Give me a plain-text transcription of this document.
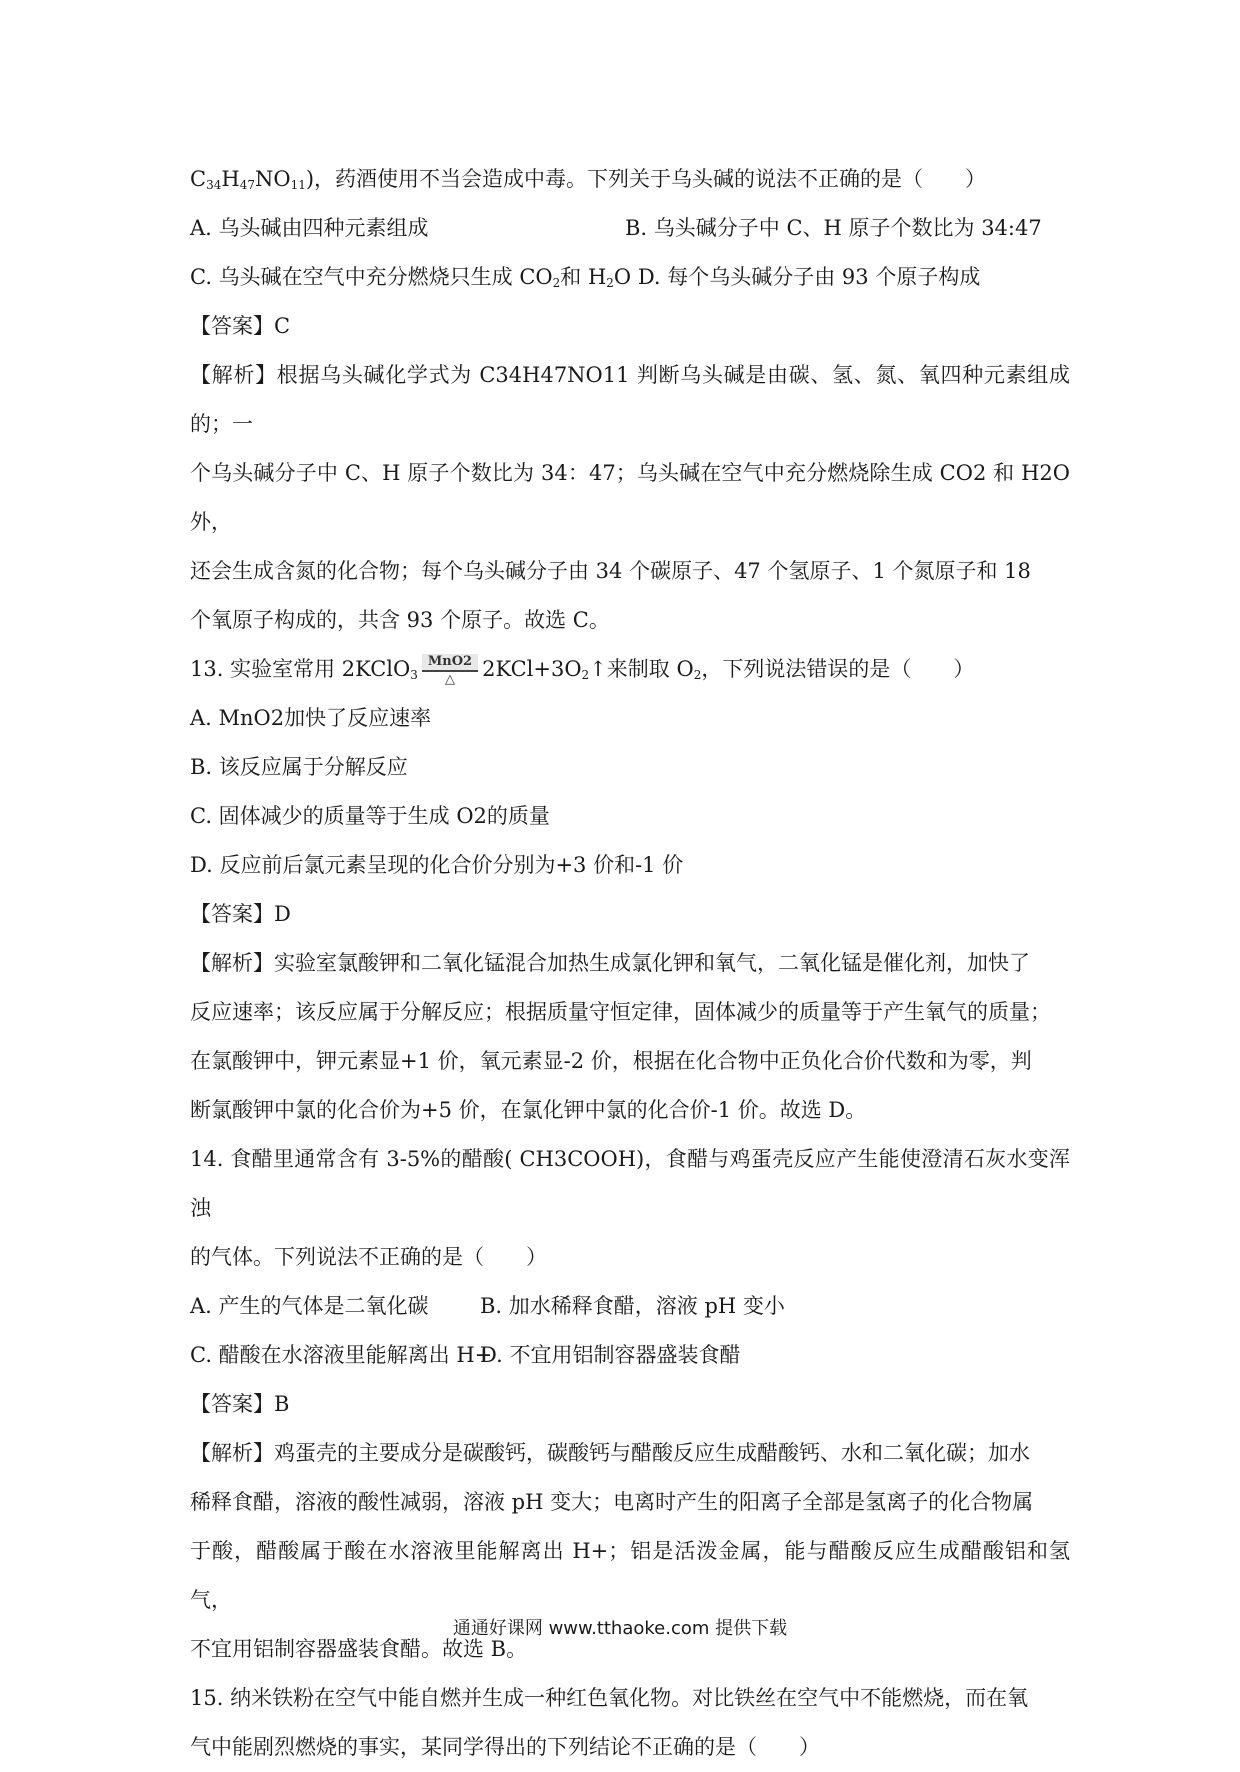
$C_{34}H_{47}NO_{11}$)，药酒使用不当会造成中毒。下列关于乌头碱的说法不正确的是（　　）
A. 乌头碱由四种元素组成	B. 乌头碱分子中 C、H 原子个数比为 34:47
C. 乌头碱在空气中充分燃烧只生成 $CO_2$和 $H_2O$ D. 每个乌头碱分子由 93 个原子构成
【答案】C
【解析】根据乌头碱化学式为 C34H47NO11 判断乌头碱是由碳、氢、氮、氧四种元素组成的；一
个乌头碱分子中 C、H 原子个数比为 34：47；乌头碱在空气中充分燃烧除生成 CO2 和 H2O 外，
还会生成含氮的化合物；每个乌头碱分子由 34 个碳原子、47 个氢原子、1 个氮原子和 18
个氧原子构成的，共含 93 个原子。故选 C。
13. 实验室常用 2KClO$_3$ $\frac{\text{MnO2}}{\triangle}$ $2KCl+3O_2↑$来制取 $O_2$，下列说法错误的是（　　）
A. MnO2加快了反应速率
B. 该反应属于分解反应
C. 固体减少的质量等于生成 O2的质量
D. 反应前后氯元素呈现的化合价分别为+3 价和-1 价
【答案】D
【解析】实验室氯酸钾和二氧化锰混合加热生成氯化钾和氧气，二氧化锰是催化剂，加快了
反应速率；该反应属于分解反应；根据质量守恒定律，固体减少的质量等于产生氧气的质量；
在氯酸钾中，钾元素显+1 价，氧元素显-2 价，根据在化合物中正负化合价代数和为零，判
断氯酸钾中氯的化合价为+5 价，在氯化钾中氯的化合价-1 价。故选 D。
14. 食醋里通常含有 3-5%的醋酸( CH3COOH)，食醋与鸡蛋壳反应产生能使澄清石灰水变浑浊
的气体。下列说法不正确的是（　　）
A. 产生的气体是二氧化碳	B. 加水稀释食醋，溶液 pH 变小
C. 醋酸在水溶液里能解离出 H+
D. 不宜用铝制容器盛装食醋
【答案】B
【解析】鸡蛋壳的主要成分是碳酸钙，碳酸钙与醋酸反应生成醋酸钙、水和二氧化碳；加水
稀释食醋，溶液的酸性减弱，溶液 pH 变大；电离时产生的阳离子全部是氢离子的化合物属
于酸，醋酸属于酸在水溶液里能解离出 H+；铝是活泼金属，能与醋酸反应生成醋酸铝和氢气，
不宜用铝制容器盛装食醋。故选 B。
15. 纳米铁粉在空气中能自燃并生成一种红色氧化物。对比铁丝在空气中不能燃烧，而在氧
气中能剧烈燃烧的事实，某同学得出的下列结论不正确的是（　　）
通通好课网 www.tthaoke.com 提供下载
